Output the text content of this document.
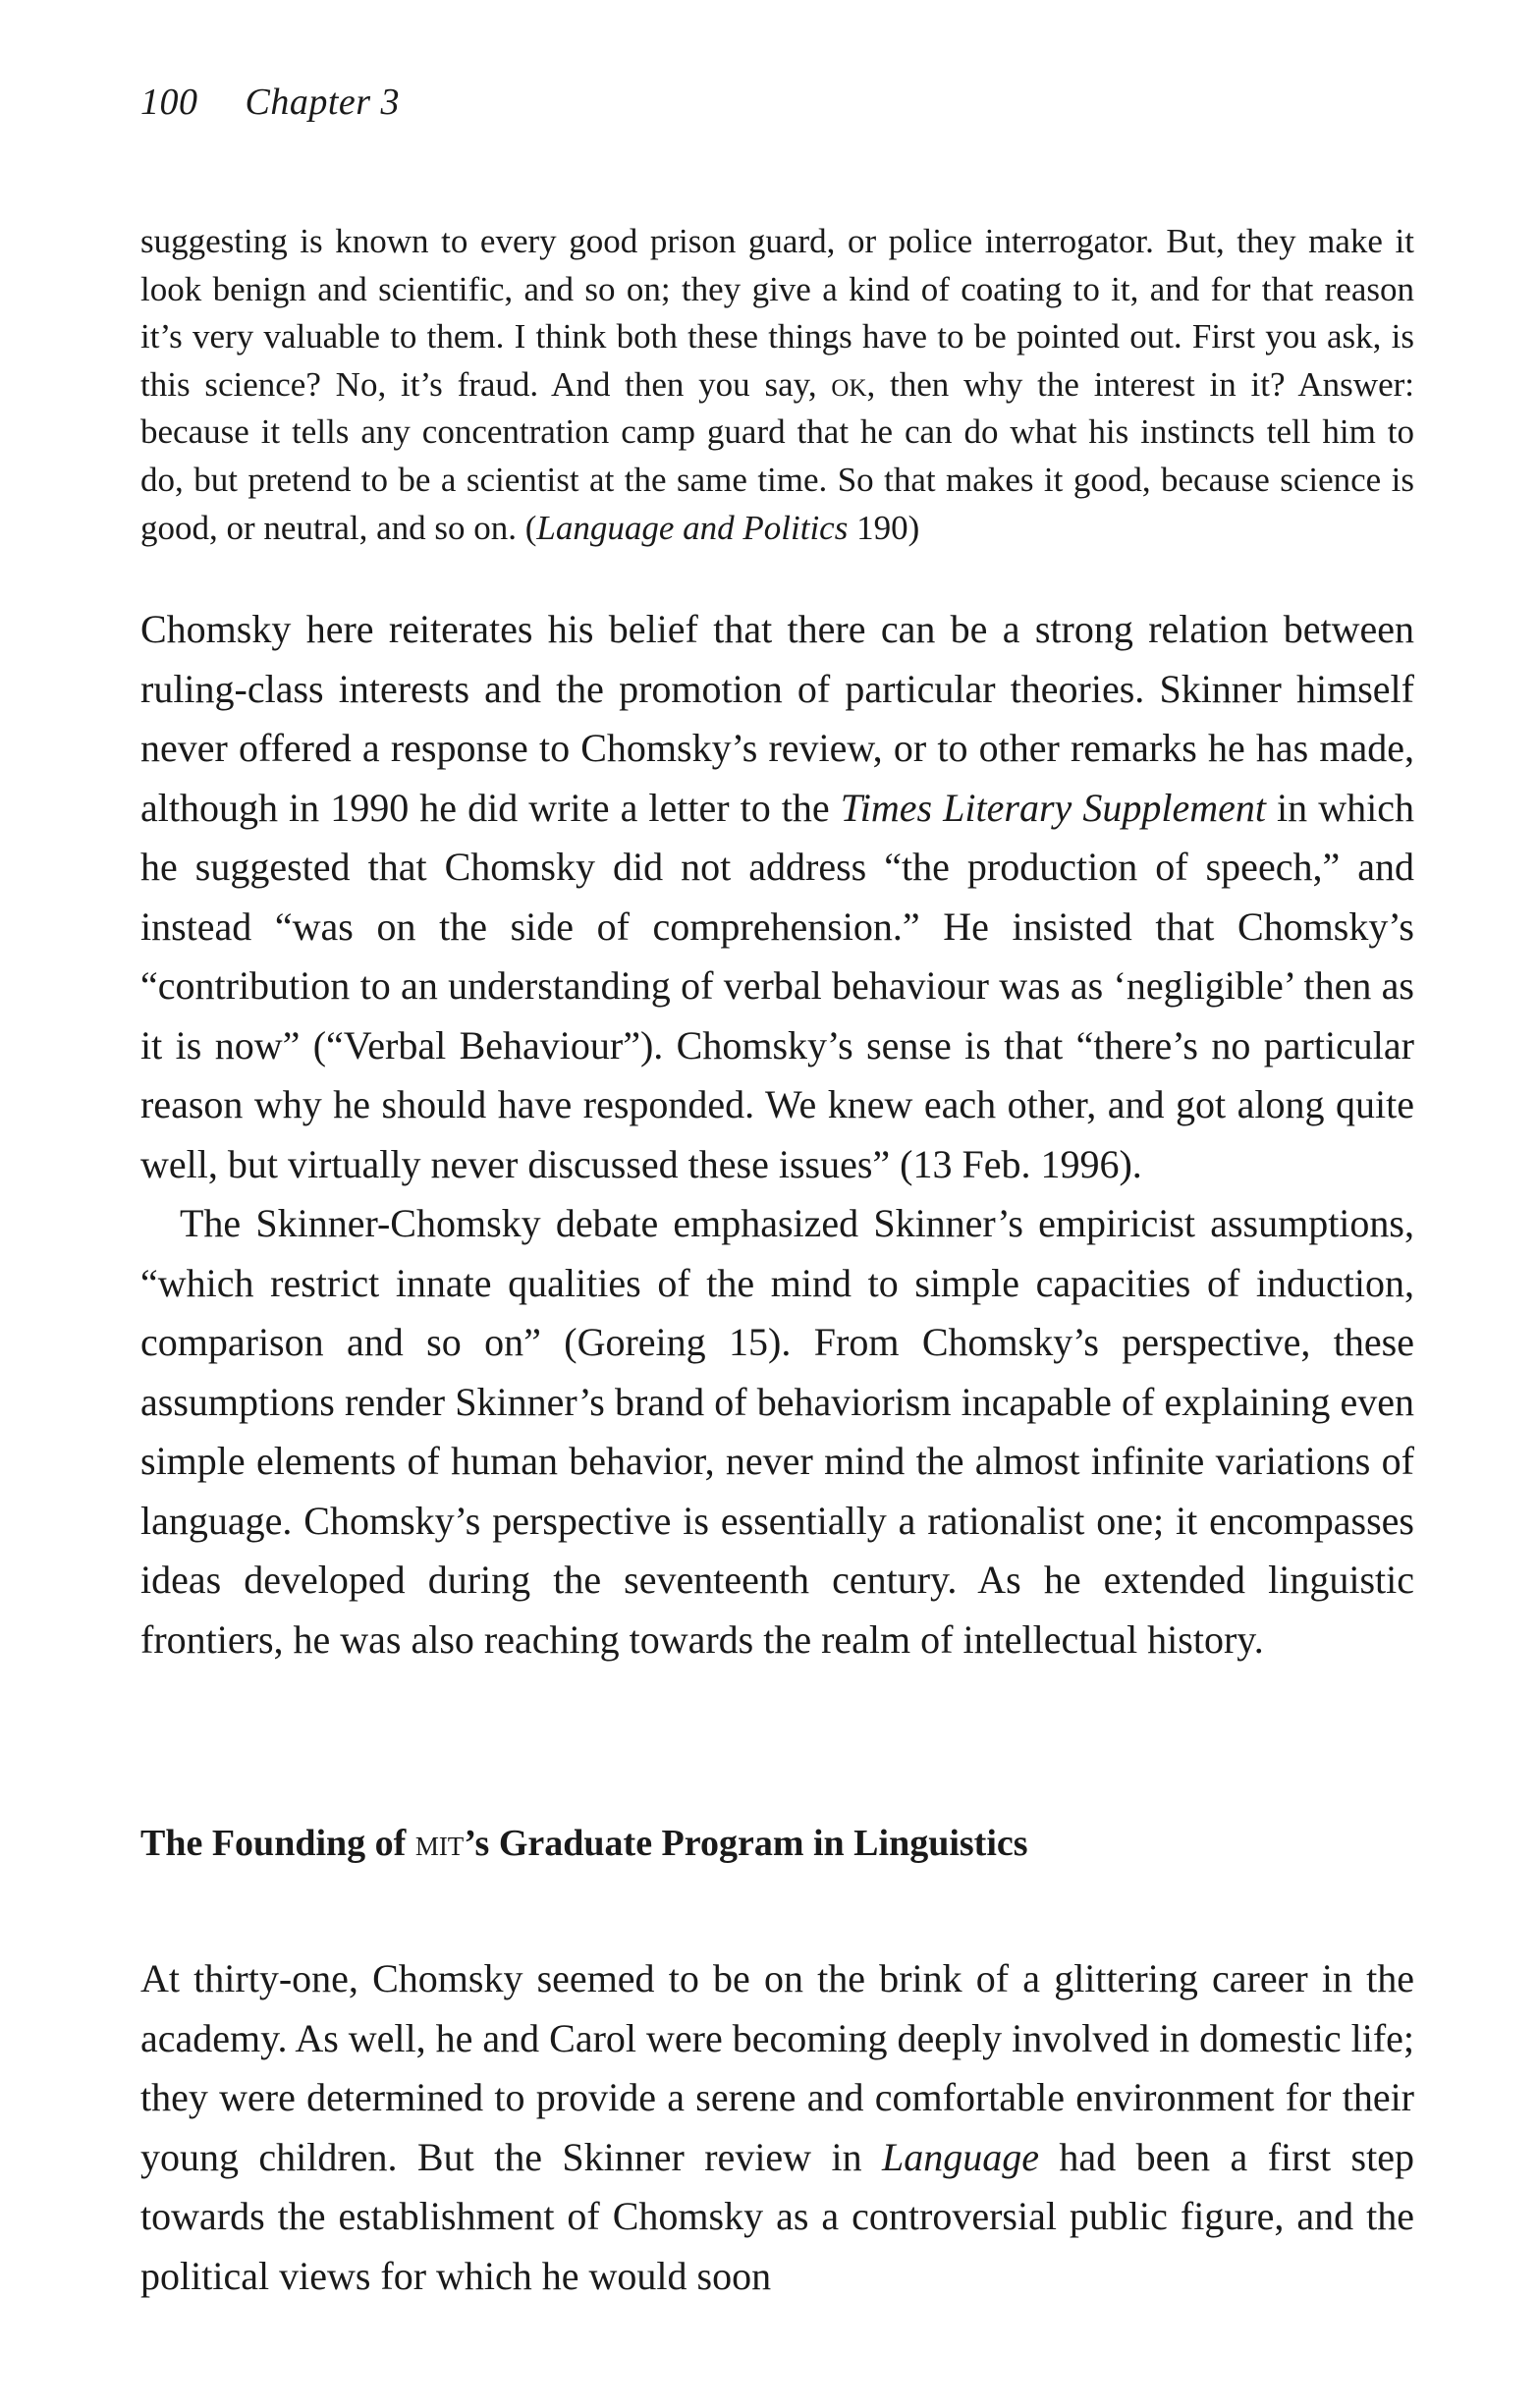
100 Chapter 3
suggesting is known to every good prison guard, or police interrogator. But, they make it look benign and scientific, and so on; they give a kind of coating to it, and for that reason it’s very valuable to them. I think both these things have to be pointed out. First you ask, is this science? No, it’s fraud. And then you say, ok, then why the interest in it? Answer: because it tells any concentration camp guard that he can do what his instincts tell him to do, but pretend to be a scientist at the same time. So that makes it good, because science is good, or neutral, and so on. (Language and Politics 190)

Chomsky here reiterates his belief that there can be a strong relation between ruling-class interests and the promotion of particular theories. Skinner himself never offered a response to Chomsky’s review, or to other remarks he has made, although in 1990 he did write a letter to the Times Literary Supplement in which he suggested that Chomsky did not address “the production of speech,” and instead “was on the side of comprehension.” He insisted that Chomsky’s “contribution to an understanding of verbal behaviour was as ‘negligible’ then as it is now” (“Verbal Behaviour”). Chomsky’s sense is that “there’s no particular reason why he should have responded. We knew each other, and got along quite well, but virtually never discussed these issues” (13 Feb. 1996).

The Skinner-Chomsky debate emphasized Skinner’s empiricist assumptions, “which restrict innate qualities of the mind to simple capacities of induction, comparison and so on” (Goreing 15). From Chomsky’s perspective, these assumptions render Skinner’s brand of behaviorism incapable of explaining even simple elements of human behavior, never mind the almost infinite variations of language. Chomsky’s perspective is essentially a rationalist one; it encompasses ideas developed during the seventeenth century. As he extended linguistic frontiers, he was also reaching towards the realm of intellectual history.

The Founding of mit’s Graduate Program in Linguistics

At thirty-one, Chomsky seemed to be on the brink of a glittering career in the academy. As well, he and Carol were becoming deeply involved in domestic life; they were determined to provide a serene and comfortable environment for their young children. But the Skinner review in Language had been a first step towards the establishment of Chomsky as a controversial public figure, and the political views for which he would soon
